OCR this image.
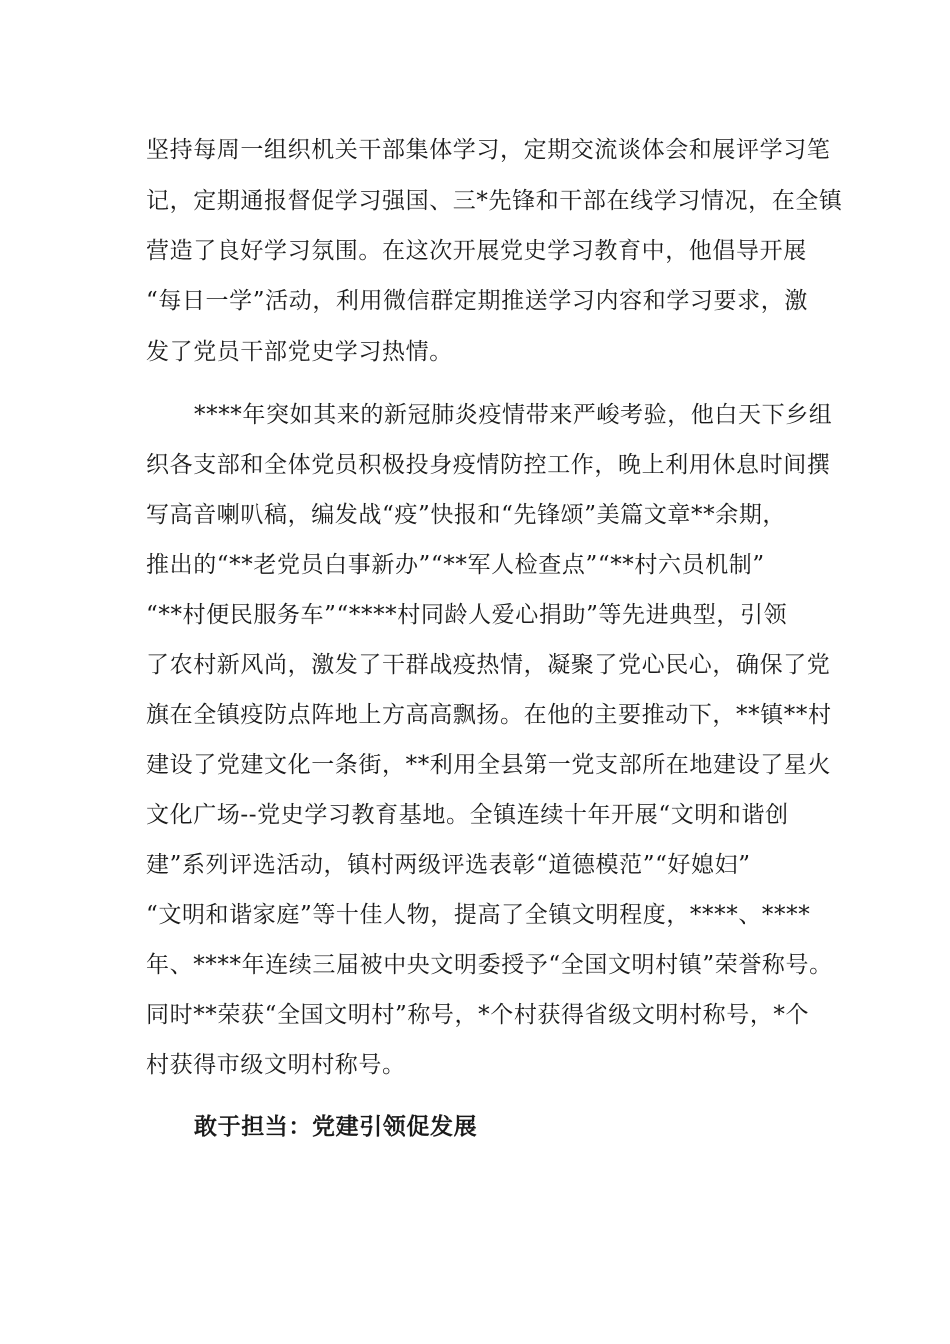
坚持每周一组织机关干部集体学习，定期交流谈体会和展评学习笔
记，定期通报督促学习强国、三*先锋和干部在线学习情况，在全镇
营造了良好学习氛围。在这次开展党史学习教育中，他倡导开展
“每日一学”活动，利用微信群定期推送学习内容和学习要求，激
发了党员干部党史学习热情。
****年突如其来的新冠肺炎疫情带来严峻考验，他白天下乡组
织各支部和全体党员积极投身疫情防控工作，晚上利用休息时间撰
写高音喇叭稿，编发战“疫”快报和“先锋颂”美篇文章**余期，
推出的“**老党员白事新办”“**军人检查点”“**村六员机制”
“**村便民服务车”“****村同龄人爱心捐助”等先进典型，引领
了农村新风尚，激发了干群战疫热情，凝聚了党心民心，确保了党
旗在全镇疫防点阵地上方高高飘扬。在他的主要推动下，**镇**村
建设了党建文化一条街，**利用全县第一党支部所在地建设了星火
文化广场--党史学习教育基地。全镇连续十年开展“文明和谐创
建”系列评选活动，镇村两级评选表彰“道德模范”“好媳妇”
“文明和谐家庭”等十佳人物，提高了全镇文明程度，****、****
年、****年连续三届被中央文明委授予“全国文明村镇”荣誉称号。
同时**荣获“全国文明村”称号，*个村获得省级文明村称号，*个
村获得市级文明村称号。
敢于担当：党建引领促发展
